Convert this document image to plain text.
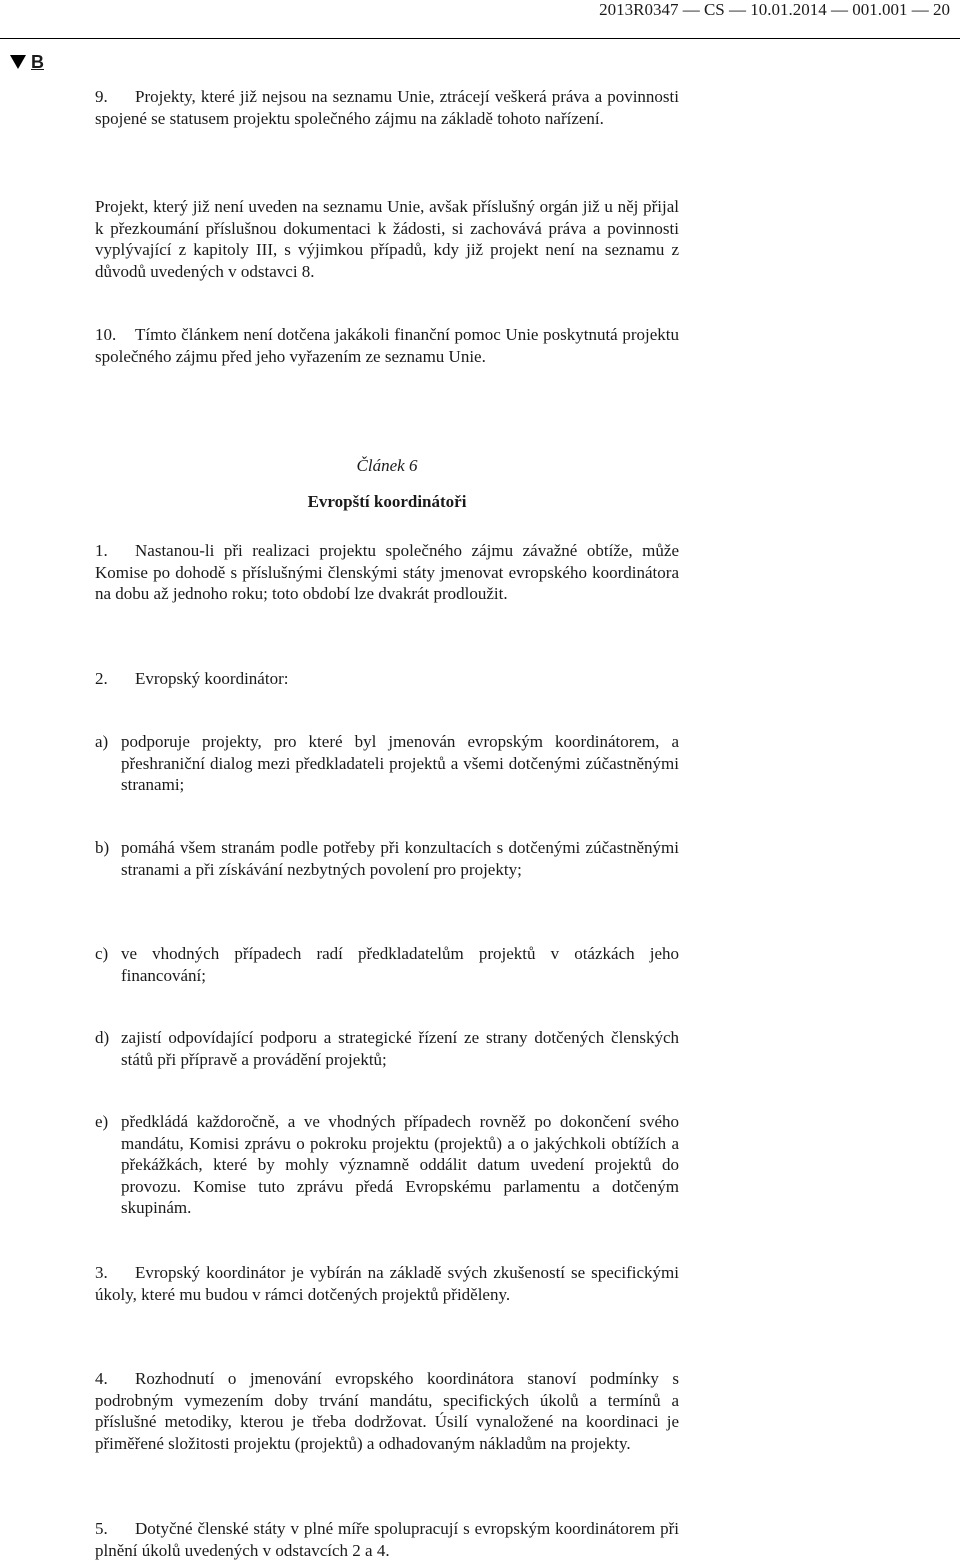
2013R0347 — CS — 10.01.2014 — 001.001 — 20
B

9. Projekty, které již nejsou na seznamu Unie, ztrácejí veškerá práva a povinnosti spojené se statusem projektu společného zájmu na základě tohoto nařízení.

Projekt, který již není uveden na seznamu Unie, avšak příslušný orgán již u něj přijal k přezkoumání příslušnou dokumentaci k žádosti, si zachovává práva a povinnosti vyplývající z kapitoly III, s výjimkou případů, kdy již projekt není na seznamu z důvodů uvedených v odstavci 8.

10. Tímto článkem není dotčena jakákoli finanční pomoc Unie poskytnutá projektu společného zájmu před jeho vyřazením ze seznamu Unie.

Článek 6
Evropští koordinátoři

1. Nastanou-li při realizaci projektu společného zájmu závažné obtíže, může Komise po dohodě s příslušnými členskými státy jmenovat evropského koordinátora na dobu až jednoho roku; toto období lze dvakrát prodloužit.

2. Evropský koordinátor:

a) podporuje projekty, pro které byl jmenován evropským koordinátorem, a přeshraniční dialog mezi předkladateli projektů a všemi dotčenými zúčastněnými stranami;
b) pomáhá všem stranám podle potřeby při konzultacích s dotčenými zúčastněnými stranami a při získávání nezbytných povolení pro projekty;
c) ve vhodných případech radí předkladatelům projektů v otázkách jeho financování;
d) zajistí odpovídající podporu a strategické řízení ze strany dotčených členských států při přípravě a provádění projektů;
e) předkládá každoročně, a ve vhodných případech rovněž po dokončení svého mandátu, Komisi zprávu o pokroku projektu (projektů) a o jakýchkoli obtížích a překážkách, které by mohly významně oddálit datum uvedení projektů do provozu. Komise tuto zprávu předá Evropskému parlamentu a dotčeným skupinám.

3. Evropský koordinátor je vybírán na základě svých zkušeností se specifickými úkoly, které mu budou v rámci dotčených projektů přiděleny.

4. Rozhodnutí o jmenování evropského koordinátora stanoví podmínky s podrobným vymezením doby trvání mandátu, specifických úkolů a termínů a příslušné metodiky, kterou je třeba dodržovat. Úsilí vynaložené na koordinaci je přiměřené složitosti projektu (projektů) a odhadovaným nákladům na projekty.

5. Dotyčné členské státy v plné míře spolupracují s evropským koordinátorem při plnění úkolů uvedených v odstavcích 2 a 4.
